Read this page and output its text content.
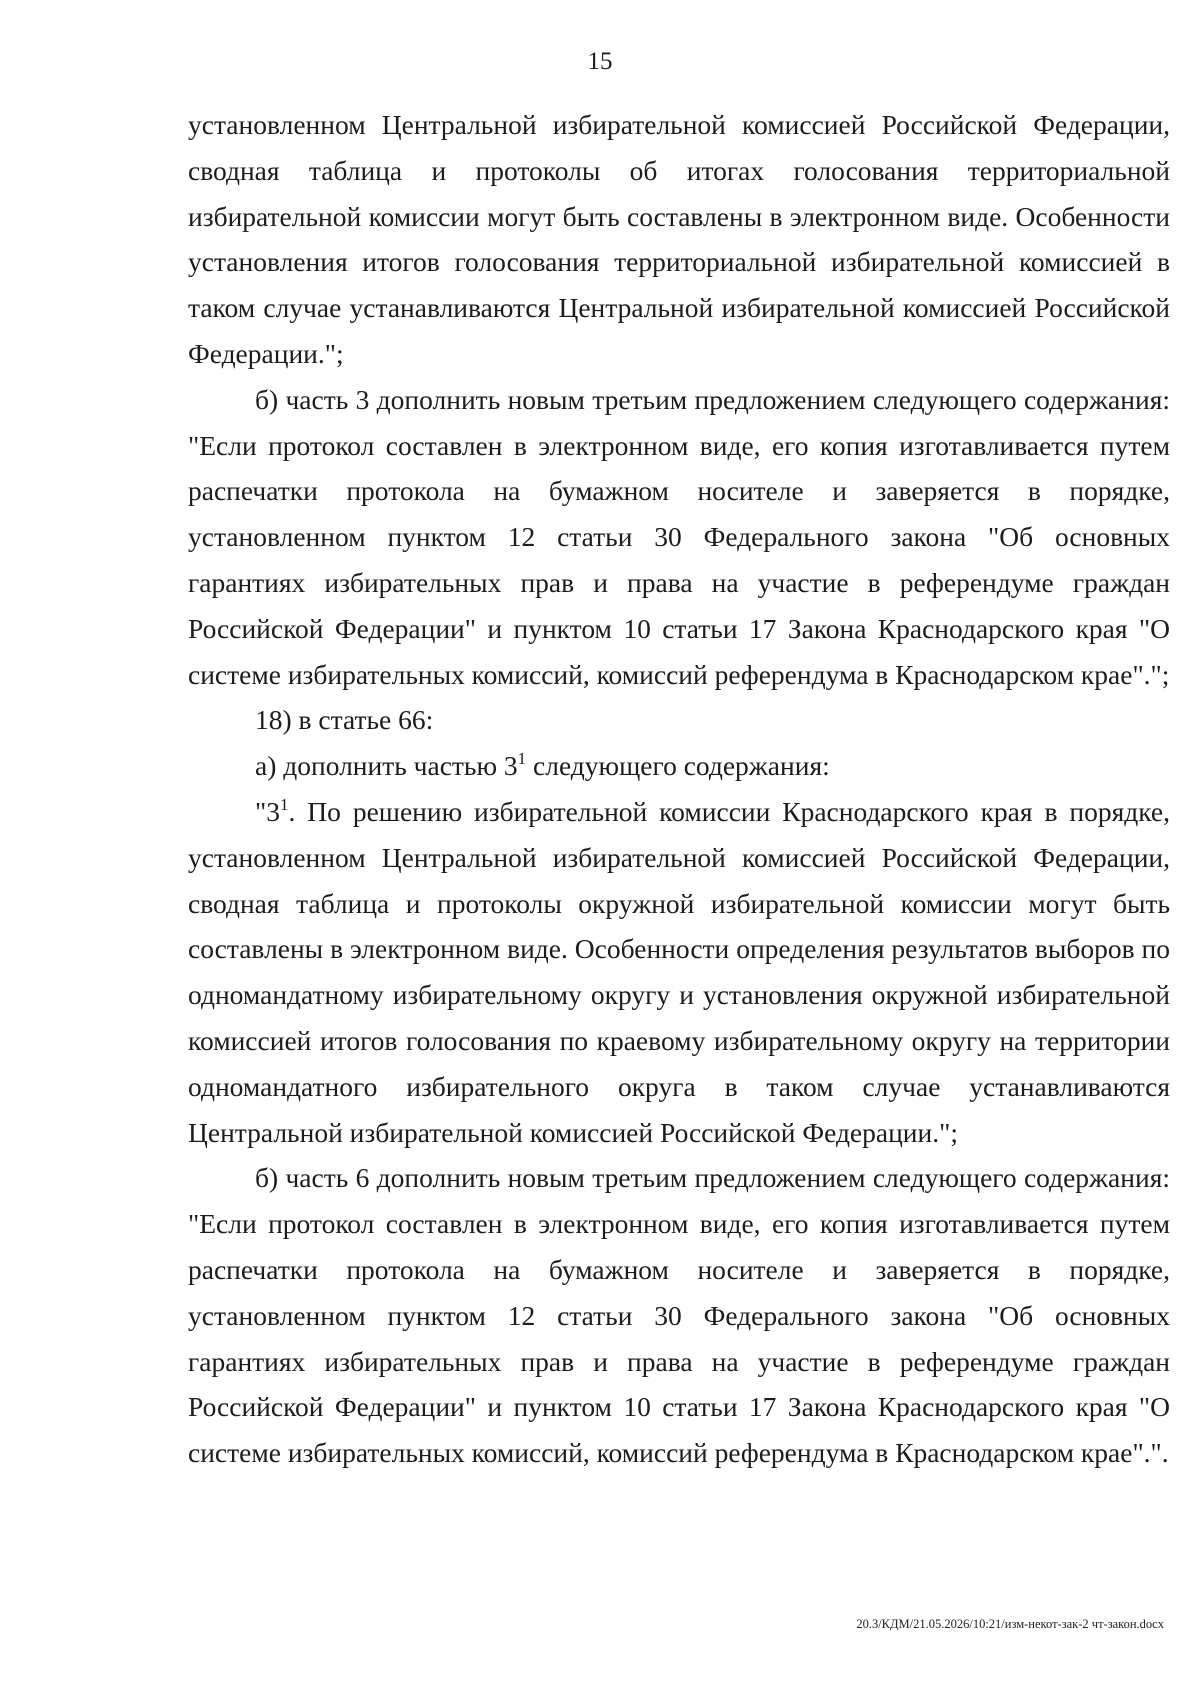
15

установленном Центральной избирательной комиссией Российской Федерации, сводная таблица и протоколы об итогах голосования территориальной избирательной комиссии могут быть составлены в электронном виде. Особенности установления итогов голосования территориальной избирательной комиссией в таком случае устанавливаются Центральной избирательной комиссией Российской Федерации.";

б) часть 3 дополнить новым третьим предложением следующего содержания: "Если протокол составлен в электронном виде, его копия изготавливается путем распечатки протокола на бумажном носителе и заверяется в порядке, установленном пунктом 12 статьи 30 Федерального закона "Об основных гарантиях избирательных прав и права на участие в референдуме граждан Российской Федерации" и пунктом 10 статьи 17 Закона Краснодарского края "О системе избирательных комиссий, комиссий референдума в Краснодарском крае".";

18) в статье 66:

а) дополнить частью $3^1$ следующего содержания:

"$3^1$. По решению избирательной комиссии Краснодарского края в порядке, установленном Центральной избирательной комиссией Российской Федерации, сводная таблица и протоколы окружной избирательной комиссии могут быть составлены в электронном виде. Особенности определения результатов выборов по одномандатному избирательному округу и установления окружной избирательной комиссией итогов голосования по краевому избирательному округу на территории одномандатного избирательного округа в таком случае устанавливаются Центральной избирательной комиссией Российской Федерации.";

б) часть 6 дополнить новым третьим предложением следующего содержания: "Если протокол составлен в электронном виде, его копия изготавливается путем распечатки протокола на бумажном носителе и заверяется в порядке, установленном пунктом 12 статьи 30 Федерального закона "Об основных гарантиях избирательных прав и права на участие в референдуме граждан Российской Федерации" и пунктом 10 статьи 17 Закона Краснодарского края "О системе избирательных комиссий, комиссий референдума в Краснодарском крае".".

20.3/КДМ/21.05.2026/10:21/изм-некот-зак-2 чт-закон.docx
